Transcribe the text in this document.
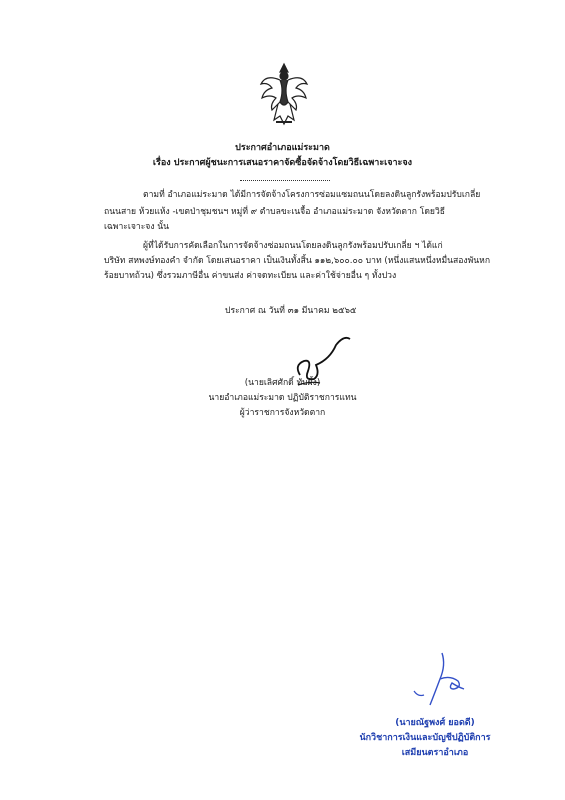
ประกาศอำเภอแม่ระมาด
เรื่อง ประกาศผู้ชนะการเสนอราคาจัดซื้อจัดจ้างโดยวิธีเฉพาะเจาะจง
ตามที่ อำเภอแม่ระมาด ได้มีการจัดจ้างโครงการซ่อมแซมถนนโดยลงดินลูกรังพร้อมปรับเกลี่ย
ถนนสาย ห้วยแห้ง -เขตป่าชุมชนฯ หมู่ที่ ๙ ตำบลขะเนจื้อ อำเภอแม่ระมาด จังหวัดตาก โดยวิธี
เฉพาะเจาะจง นั้น
ผู้ที่ได้รับการคัดเลือกในการจัดจ้างซ่อมถนนโดยลงดินลูกรังพร้อมปรับเกลี่ย ฯ ได้แก่
บริษัท สหพงษ์ทองคำ จำกัด โดยเสนอราคา เป็นเงินทั้งสิ้น ๑๑๒,๖๐๐.๐๐ บาท (หนึ่งแสนหนึ่งหมื่นสองพันหก
ร้อยบาทถ้วน) ซึ่งรวมภาษีอื่น ค่าขนส่ง ค่าจดทะเบียน และค่าใช้จ่ายอื่น ๆ ทั้งปวง
ประกาศ ณ วันที่ ๓๑ มีนาคม ๒๕๖๕
(นายเลิศศักดิ์ ทับผึ้ง)
นายอำเภอแม่ระมาด ปฏิบัติราชการแทน
ผู้ว่าราชการจังหวัดตาก
(นายณัฐพงศ์ ยอดดี)
นักวิชาการเงินและบัญชีปฏิบัติการ
เสมียนตราอำเภอ
